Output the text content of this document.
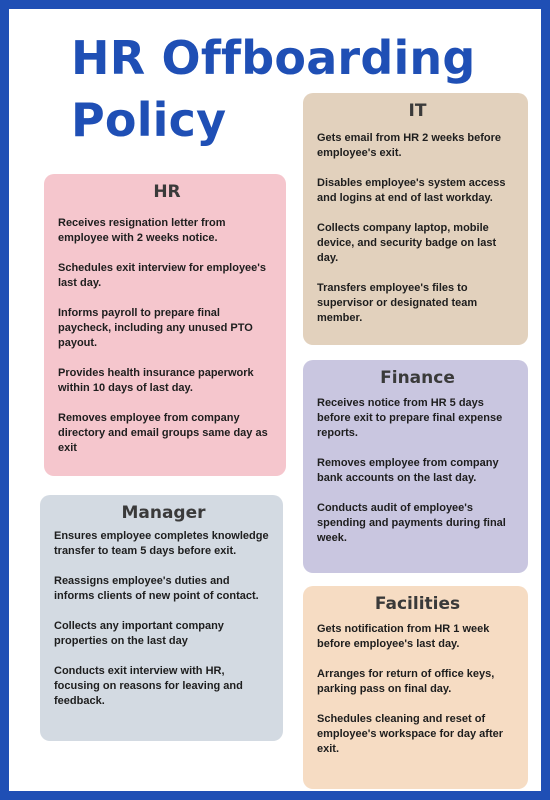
HR Offboarding
Policy
HR
Receives resignation letter from employee with 2 weeks notice.
Schedules exit interview for employee's last day.
Informs payroll to prepare final paycheck, including any unused PTO payout.
Provides health insurance paperwork within 10 days of last day.
Removes employee from company directory and email groups same day as exit
Manager
Ensures employee completes knowledge transfer to team 5 days before exit.
Reassigns employee's duties and informs clients of new point of contact.
Collects any important company properties on the last day
Conducts exit interview with HR, focusing on reasons for leaving and feedback.
IT
Gets email from HR 2 weeks before employee's exit.
Disables employee's system access and logins at end of last workday.
Collects company laptop, mobile device, and security badge on last day.
Transfers employee's files to supervisor or designated team member.
Finance
Receives notice from HR 5 days before exit to prepare final expense reports.
Removes employee from company bank accounts on the last day.
Conducts audit of employee's spending and payments during final week.
Facilities
Gets notification from HR 1 week before employee's last day.
Arranges for return of office keys, parking pass on final day.
Schedules cleaning and reset of employee's workspace for day after exit.
